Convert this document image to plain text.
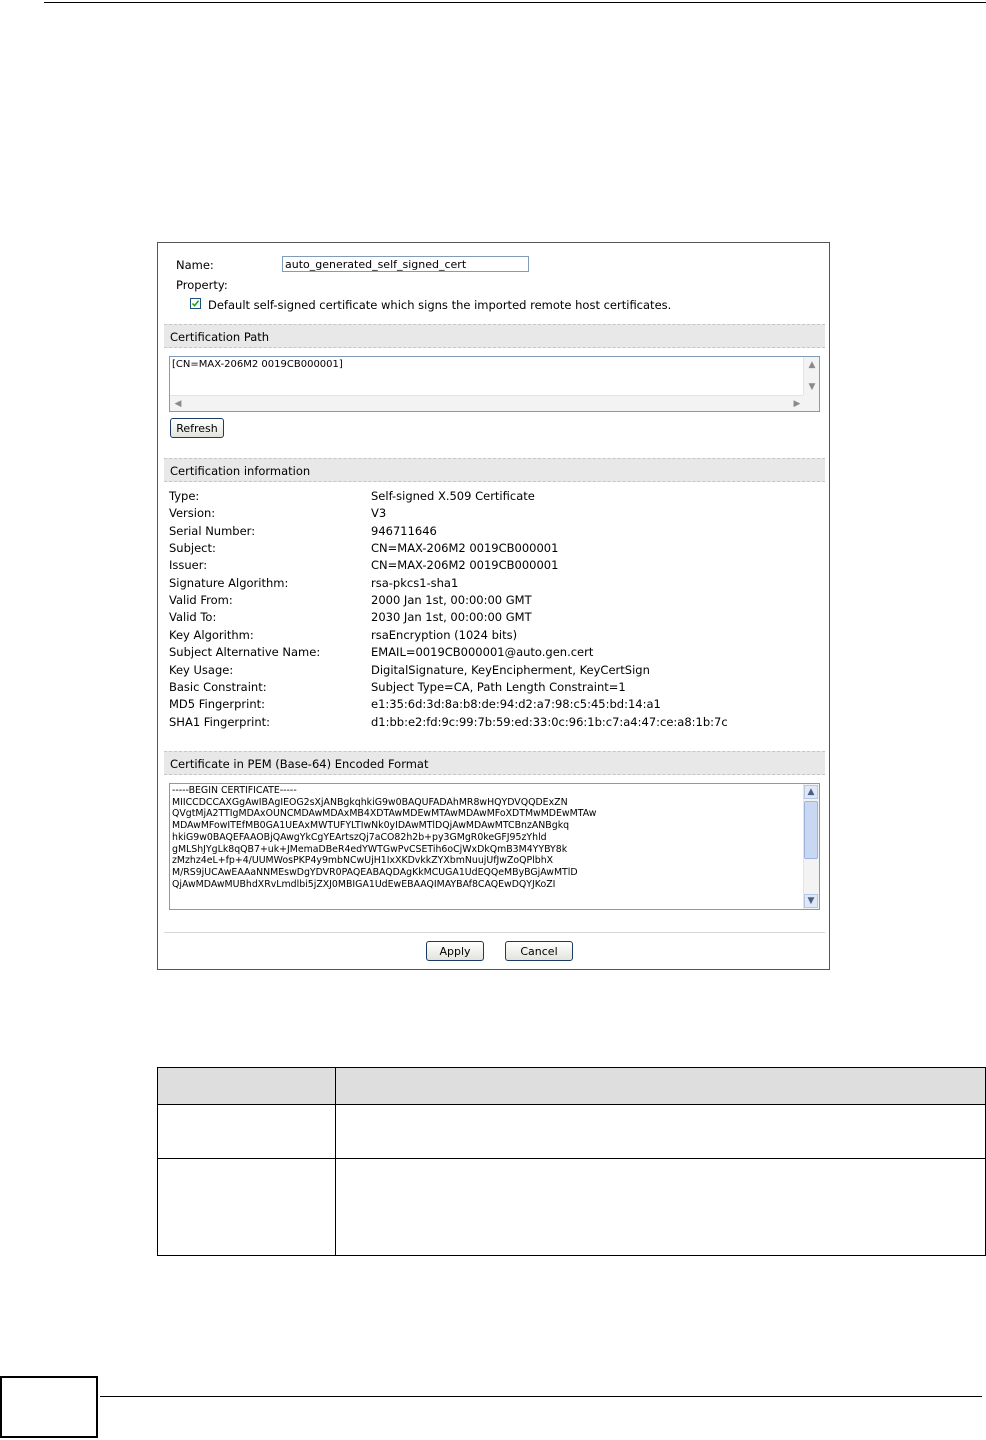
Name:
auto_generated_self_signed_cert
Property:
Default self-signed certificate which signs the imported remote host certificates.
Certification Path
[CN=MAX-206M2 0019CB000001]	▲
▼
◀	▶
Refresh
Certification information
Type:	Self-signed X.509 Certificate
Version:	V3
Serial Number:	946711646
Subject:	CN=MAX-206M2 0019CB000001
Issuer:	CN=MAX-206M2 0019CB000001
Signature Algorithm:	rsa-pkcs1-sha1
Valid From:	2000 Jan 1st, 00:00:00 GMT
Valid To:	2030 Jan 1st, 00:00:00 GMT
Key Algorithm:	rsaEncryption (1024 bits)
Subject Alternative Name:	EMAIL=0019CB000001@auto.gen.cert
Key Usage:	DigitalSignature, KeyEncipherment, KeyCertSign
Basic Constraint:	Subject Type=CA, Path Length Constraint=1
MD5 Fingerprint:	e1:35:6d:3d:8a:b8:de:94:d2:a7:98:c5:45:bd:14:a1
SHA1 Fingerprint:	d1:bb:e2:fd:9c:99:7b:59:ed:33:0c:96:1b:c7:a4:47:ce:a8:1b:7c
Certificate in PEM (Base-64) Encoded Format
-----BEGIN CERTIFICATE-----
MIICCDCCAXGgAwIBAgIEOG2sXjANBgkqhkiG9w0BAQUFADAhMR8wHQYDVQQDExZN
QVgtMjA2TTIgMDAxOUNCMDAwMDAxMB4XDTAwMDEwMTAwMDAwMFoXDTMwMDEwMTAw
MDAwMFowITEfMB0GA1UEAxMWTUFYLTIwNk0yIDAwMTlDQjAwMDAwMTCBnzANBgkq
hkiG9w0BAQEFAAOBjQAwgYkCgYEArtszQj7aCO82h2b+py3GMgR0keGFJ95zYhld
gMLShJYgLk8qQB7+uk+JMemaDBeR4edYWTGwPvCSETih6oCjWxDkQmB3M4YYBY8k
zMzhz4eL+fp+4/UUMWosPKP4y9mbNCwUjH1IxXKDvkkZYXbmNuujUfJwZoQPlbhX
M/RS9jUCAwEAAaNNMEswDgYDVR0PAQEABAQDAgKkMCUGA1UdEQQeMByBGjAwMTlD
QjAwMDAwMUBhdXRvLmdlbi5jZXJ0MBIGA1UdEwEBAAQIMAYBAf8CAQEwDQYJKoZI
▲
▼
Apply	Cancel
